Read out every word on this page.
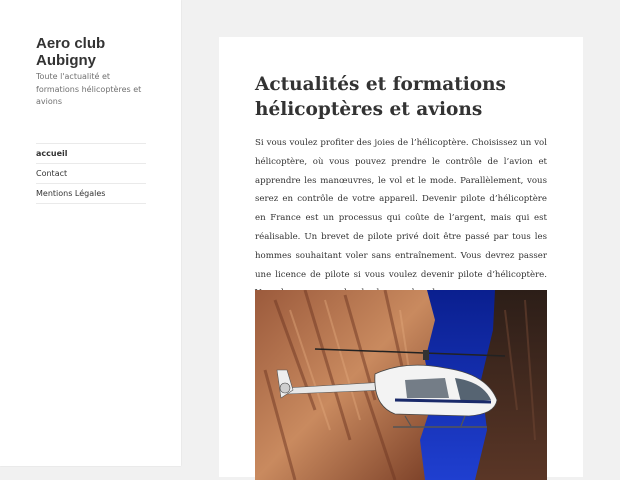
Aero club Aubigny
Toute l'actualité et formations hélicoptères et avions
accueil
Contact
Mentions Légales
Actualités et formations hélicoptères et avions

Si vous voulez profiter des joies de l’hélicoptère. Choisissez un vol hélicoptère, où vous pouvez prendre le contrôle de l’avion et apprendre les manœuvres, le vol et le mode. Parallèlement, vous serez en contrôle de votre appareil. Devenir pilote d’hélicoptère en France est un processus qui coûte de l’argent, mais qui est réalisable. Un brevet de pilote privé doit être passé par tous les hommes souhaitant voler sans entraînement. Vous devrez passer une licence de pilote si vous voulez devenir pilote d’hélicoptère.
